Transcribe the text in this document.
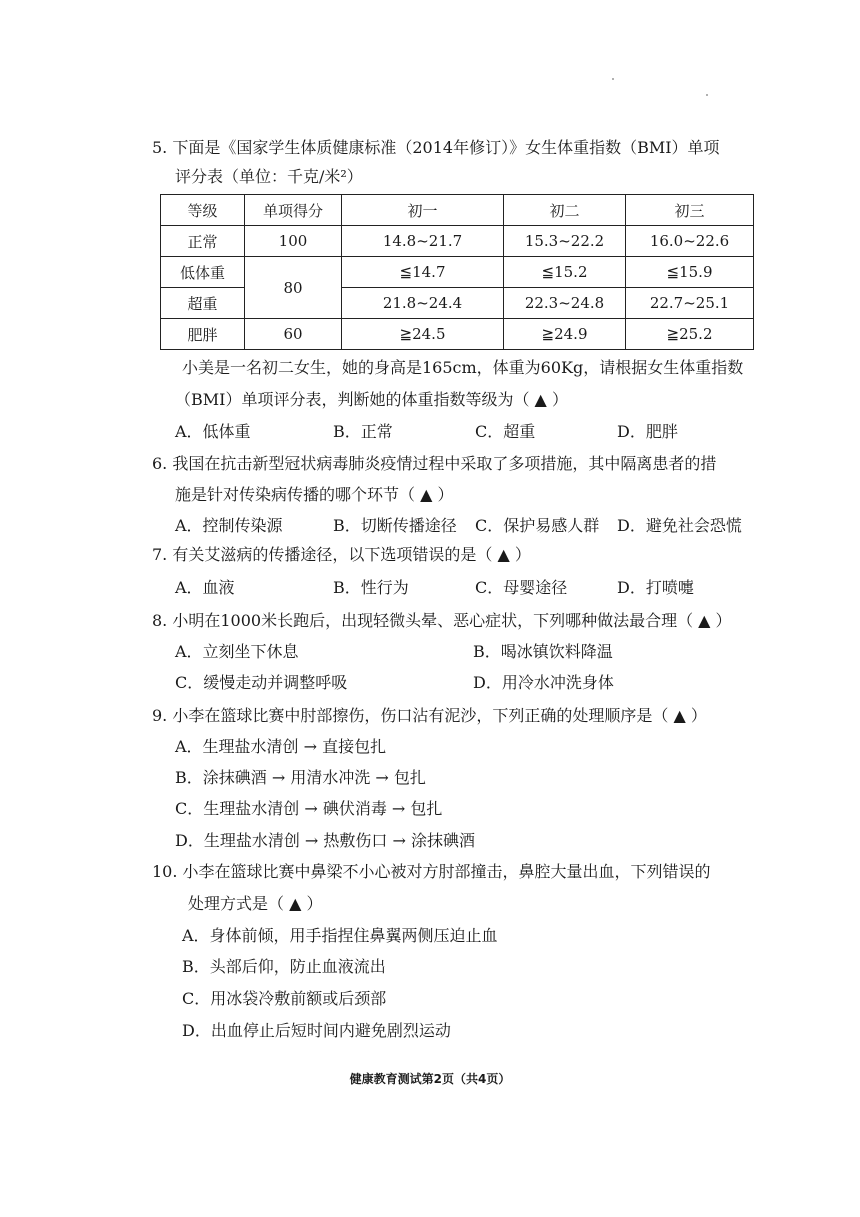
5. 下面是《国家学生体质健康标准（2014年修订）》女生体重指数（BMI）单项
评分表（单位：千克/米²）
等级	单项得分	初一	初二	初三
正常	100	14.8~21.7	15.3~22.2	16.0~22.6
低体重	80	≦14.7	≦15.2	≦15.9
超重		21.8~24.4	22.3~24.8	22.7~25.1
肥胖	60	≧24.5	≧24.9	≧25.2
小美是一名初二女生，她的身高是165cm，体重为60Kg，请根据女生体重指数
（BMI）单项评分表，判断她的体重指数等级为（ ▲ ）
A．低体重	B．正常	C．超重	D．肥胖
6. 我国在抗击新型冠状病毒肺炎疫情过程中采取了多项措施，其中隔离患者的措
施是针对传染病传播的哪个环节（ ▲ ）
A．控制传染源	B．切断传播途径 C．保护易感人群 D．避免社会恐慌
7. 有关艾滋病的传播途径，以下选项错误的是（ ▲ ）
A．血液	B．性行为	C．母婴途径	D．打喷嚏
8. 小明在1000米长跑后，出现轻微头晕、恶心症状，下列哪种做法最合理（ ▲ ）
A．立刻坐下休息	B．喝冰镇饮料降温
C．缓慢走动并调整呼吸	D．用冷水冲洗身体
9. 小李在篮球比赛中肘部擦伤，伤口沾有泥沙，下列正确的处理顺序是（ ▲ ）
A．生理盐水清创 → 直接包扎
B．涂抹碘酒 → 用清水冲洗 → 包扎
C．生理盐水清创 → 碘伏消毒 → 包扎
D．生理盐水清创 → 热敷伤口 → 涂抹碘酒
10. 小李在篮球比赛中鼻梁不小心被对方肘部撞击，鼻腔大量出血，下列错误的
处理方式是（ ▲ ）
A．身体前倾，用手指捏住鼻翼两侧压迫止血
B．头部后仰，防止血液流出
C．用冰袋冷敷前额或后颈部
D．出血停止后短时间内避免剧烈运动
健康教育测试第2页（共4页）
